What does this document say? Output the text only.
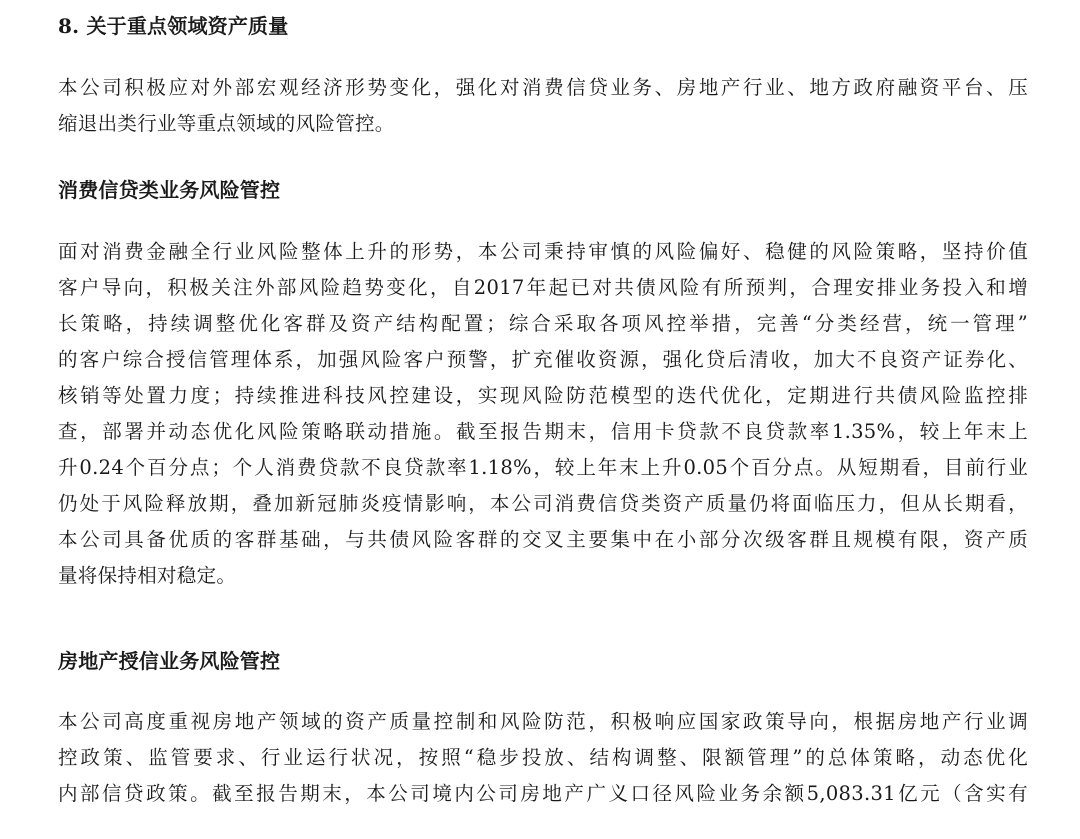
8. 关于重点领域资产质量
本公司积极应对外部宏观经济形势变化，强化对消费信贷业务、房地产行业、地方政府融资平台、压
缩退出类行业等重点领域的风险管控。
消费信贷类业务风险管控
面对消费金融全行业风险整体上升的形势，本公司秉持审慎的风险偏好、稳健的风险策略，坚持价值
客户导向，积极关注外部风险趋势变化，自2017年起已对共债风险有所预判，合理安排业务投入和增
长策略，持续调整优化客群及资产结构配置；综合采取各项风控举措，完善“分类经营，统一管理”
的客户综合授信管理体系，加强风险客户预警，扩充催收资源，强化贷后清收，加大不良资产证券化、
核销等处置力度；持续推进科技风控建设，实现风险防范模型的迭代优化，定期进行共债风险监控排
查，部署并动态优化风险策略联动措施。截至报告期末，信用卡贷款不良贷款率1.35%，较上年末上
升0.24个百分点；个人消费贷款不良贷款率1.18%，较上年末上升0.05个百分点。从短期看，目前行业
仍处于风险释放期，叠加新冠肺炎疫情影响，本公司消费信贷类资产质量仍将面临压力，但从长期看，
本公司具备优质的客群基础，与共债风险客群的交叉主要集中在小部分次级客群且规模有限，资产质
量将保持相对稳定。
房地产授信业务风险管控
本公司高度重视房地产领域的资产质量控制和风险防范，积极响应国家政策导向，根据房地产行业调
控政策、监管要求、行业运行状况，按照“稳步投放、结构调整、限额管理”的总体策略，动态优化
内部信贷政策。截至报告期末，本公司境内公司房地产广义口径风险业务余额5,083.31亿元（含实有
